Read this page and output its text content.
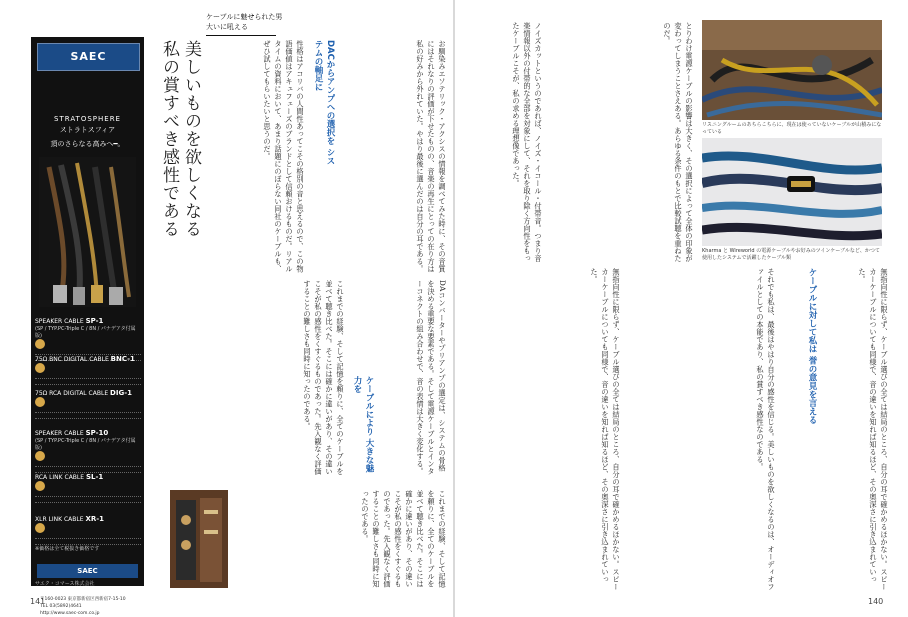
ケーブルに魅せられた男
大いに吼える
SAEC
STRATOSPHERE
ストラトスフィア
頂のさらなる高みへ━。
SPEAKER CABLE SP-1
(SP / TYP.PC-Triple C / 8N / パナデアタ付属版)
75Ω BNC DIGITAL CABLE BNC-1
75Ω RCA DIGITAL CABLE DIG-1
SPEAKER CABLE SP-10
(SP / TYP.PC-Triple C / 8N / パナデアタ付属版)
RCA LINK CABLE SL-1
XLR LINK CABLE XR-1
※価格は全て税抜き価格です
SAEC
サエク・コマース株式会社
〒160-0023 東京都新宿区西新宿7-15-10
TEL 03(5892)4641
http://www.saec-com.co.jp
美しいものを欲しくなる
私の賞すべき感性である	性格はアコリバの人間性あってこその格別の音と思えるので、この物語価値はアキュフェーズのブランドとして信頼おけるものだ。リアルタイムの資料において、あまり話題にのぼらない同社のケーブルも、ぜひ試してもらいたいと思うのだ。	DACからアンプへの選択を システムの軸足に	お馴染みエソテリック・アクシスの情報を調べてみた時に、その音質にはそれなりの評価が下せたものの、音楽の再生にとっての在り方は私の好みから外れていた。やはり最後に選んだのは自分の耳である。
これまでの経験、そして記憶を頼りに、全てのケーブルを並べて聴き比べた。そこには確かに違いがあり、その違いこそが私の感性をくすぐるものであった。先入観なく評価することの難しさも同時に知ったのである。	ケーブルにより 大きな魅力を	DAコンバーターやプリアンプの選定は、システムの骨格を決める重要な要素である。そして電源ケーブルとインターコネクトの組み合わせで、音の表情は大きく変化する。
これまでの経験、そして記憶を頼りに、全てのケーブルを並べて聴き比べた。そこには確かに違いがあり、その違いこそが私の感性をくすぐるものであった。先入観なく評価することの難しさも同時に知ったのである。
141
ノイズカットというのであれば、ノイズ・イコール・付帯音。つまり音楽情報以外の付帯的な全部を対象にして、それを取り除く方向性をもったケーブルこそが、私の求める理想像であった。	とりわけ電源ケーブルの影響は大きく、その選択によって全体の印象が変わってしまうことさえある。あらゆる条件のもとで比較試聴を重ねたのだ。
リスニングルームのあちらこちらに、現在は使っていないケーブルが山積みになっている
Kharma と Wireworld の電源ケーブルやお好みのツインケーブルなど、かつて使用したシステムで活躍したケーブル類
無指向性に限らず、ケーブル選びの全ては結局のところ、自分の耳で確かめるほかない。スピーカーケーブルについても同様で、音の違いを知れば知るほど、その奥深さに引き込まれていった。	それでも私は、最後はやはり自分の感性を信じる。美しいものを欲しくなるのは、オーディオファイルとしての本能であり、私の賞すべき感性なのである。	ケーブルに対して私は 誉の意見を言える	無指向性に限らず、ケーブル選びの全ては結局のところ、自分の耳で確かめるほかない。スピーカーケーブルについても同様で、音の違いを知れば知るほど、その奥深さに引き込まれていった。
140
